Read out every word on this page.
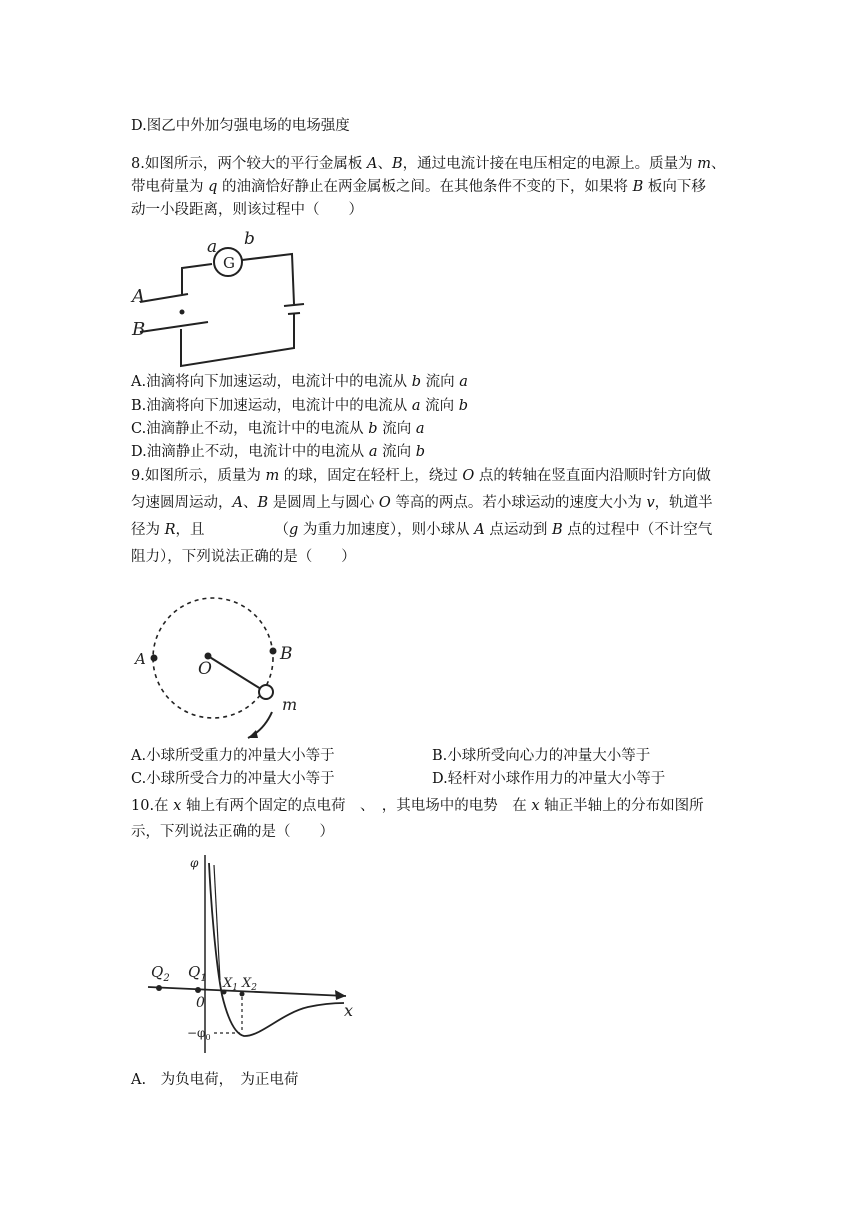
D.图乙中外加匀强电场的电场强度
8.如图所示，两个较大的平行金属板 A、B，通过电流计接在电压相定的电源上。质量为 m、
带电荷量为 q 的油滴恰好静止在两金属板之间。在其他条件不变的下，如果将 B 板向下移
动一小段距离，则该过程中（　　）
G
a b
A
B
A.油滴将向下加速运动，电流计中的电流从 b 流向 a
B.油滴将向下加速运动，电流计中的电流从 a 流向 b
C.油滴静止不动，电流计中的电流从 b 流向 a
D.油滴静止不动，电流计中的电流从 a 流向 b
9.如图所示，质量为 m 的球，固定在轻杆上，绕过 O 点的转轴在竖直面内沿顺时针方向做
匀速圆周运动，A、B 是圆周上与圆心 O 等高的两点。若小球运动的速度大小为 v，轨道半
径为 R，且	（g 为重力加速度），则小球从 A 点运动到 B 点的过程中（不计空气
阻力），下列说法正确的是（　　）
A	B
O
m
A.小球所受重力的冲量大小等于	B.小球所受向心力的冲量大小等于
C.小球所受合力的冲量大小等于	D.轻杆对小球作用力的冲量大小等于
10.在 x 轴上有两个固定的点电荷　、　，其电场中的电势　在 x 轴正半轴上的分布如图所
示，下列说法正确的是（　　）
φ
$Q_2$ $Q_1$ $X_1$ $X_2$
0	x
$-\varphi_0$
A.　为负电荷，　为正电荷
